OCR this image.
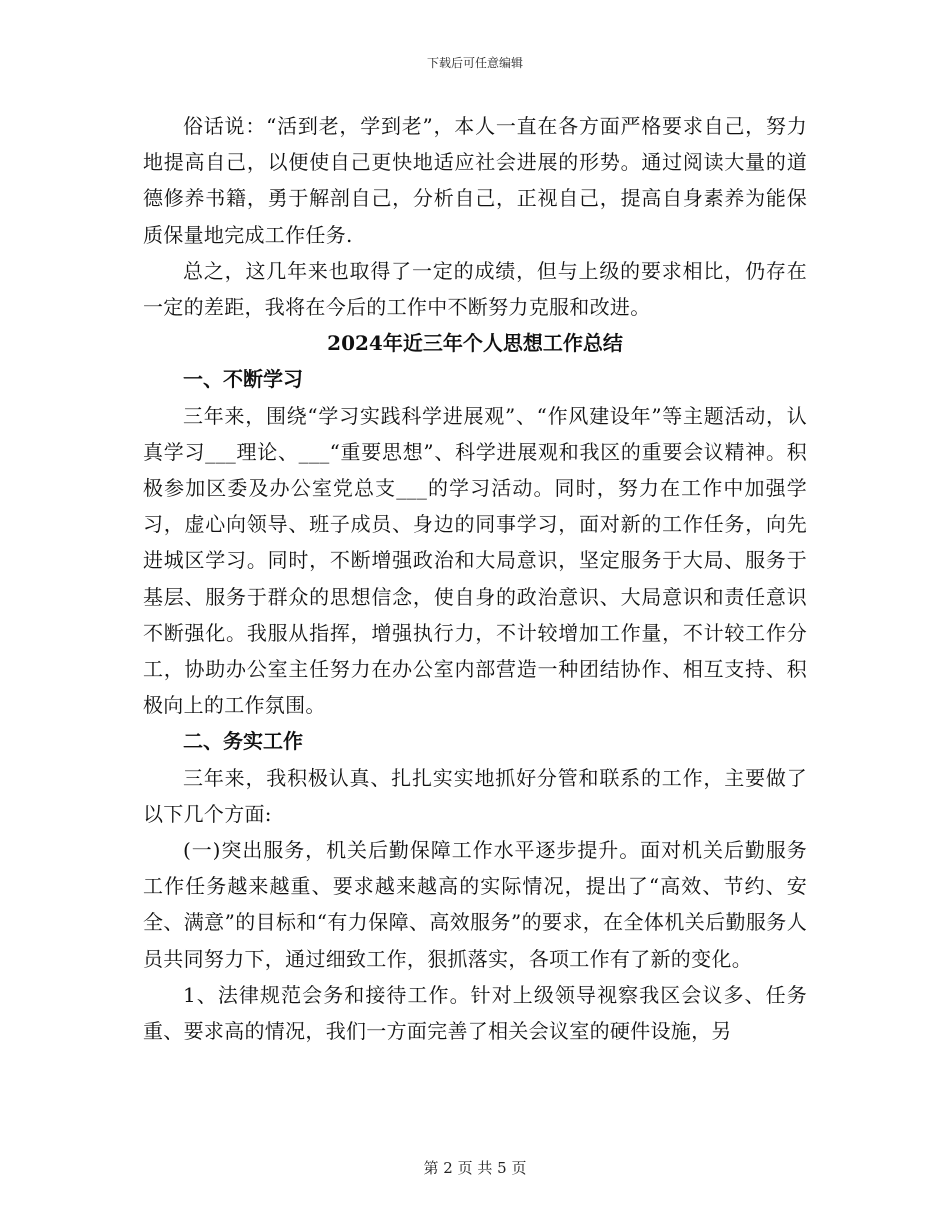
下载后可任意编辑

俗话说：“活到老，学到老”，本人一直在各方面严格要求自己，努力地提高自己，以便使自己更快地适应社会进展的形势。通过阅读大量的道德修养书籍，勇于解剖自己，分析自己，正视自己，提高自身素养为能保质保量地完成工作任务.

总之，这几年来也取得了一定的成绩，但与上级的要求相比，仍存在一定的差距，我将在今后的工作中不断努力克服和改进。

2024年近三年个人思想工作总结

一、不断学习

三年来，围绕“学习实践科学进展观”、“作风建设年”等主题活动，认真学习___理论、___“重要思想”、科学进展观和我区的重要会议精神。积极参加区委及办公室党总支___的学习活动。同时，努力在工作中加强学习，虚心向领导、班子成员、身边的同事学习，面对新的工作任务，向先进城区学习。同时，不断增强政治和大局意识，坚定服务于大局、服务于基层、服务于群众的思想信念，使自身的政治意识、大局意识和责任意识不断强化。我服从指挥，增强执行力，不计较增加工作量，不计较工作分工，协助办公室主任努力在办公室内部营造一种团结协作、相互支持、积极向上的工作氛围。

二、务实工作

三年来，我积极认真、扎扎实实地抓好分管和联系的工作，主要做了以下几个方面:

(一)突出服务，机关后勤保障工作水平逐步提升。面对机关后勤服务工作任务越来越重、要求越来越高的实际情况，提出了“高效、节约、安全、满意”的目标和“有力保障、高效服务”的要求，在全体机关后勤服务人员共同努力下，通过细致工作，狠抓落实，各项工作有了新的变化。

1、法律规范会务和接待工作。针对上级领导视察我区会议多、任务重、要求高的情况，我们一方面完善了相关会议室的硬件设施，另

第 2 页 共 5 页
